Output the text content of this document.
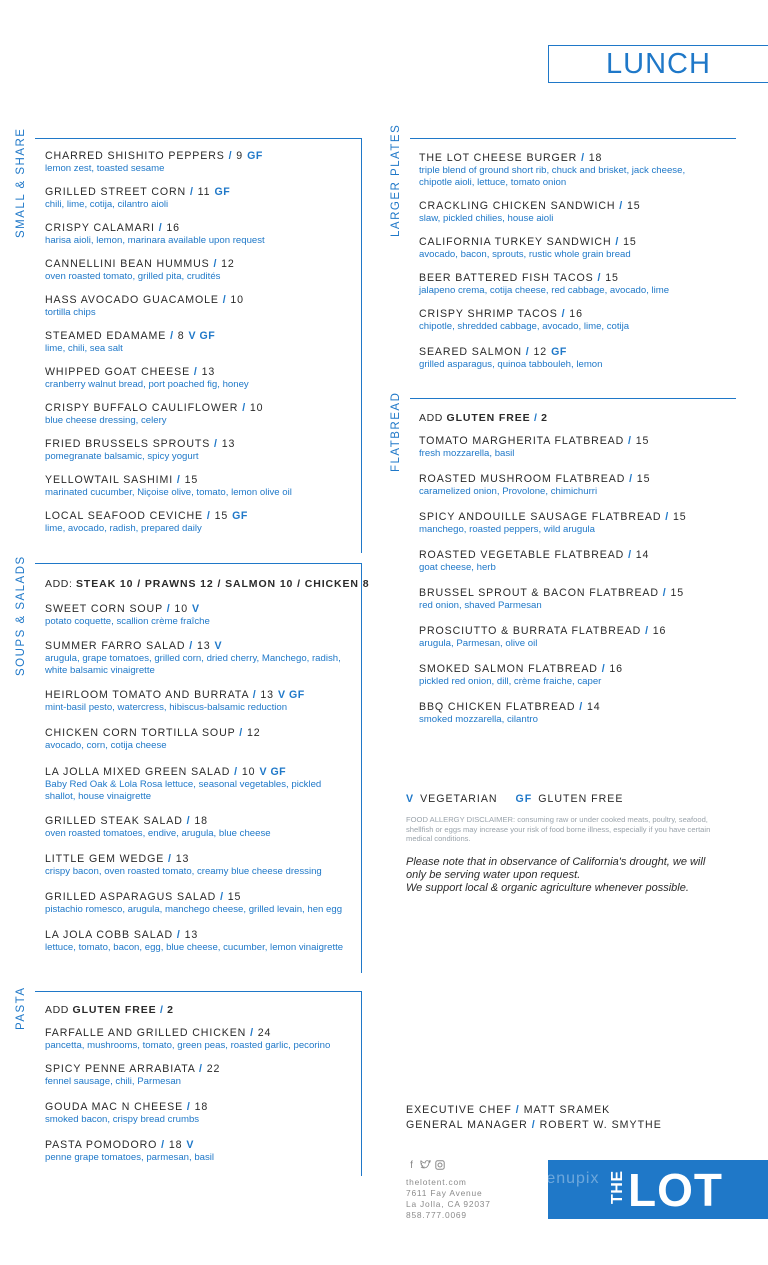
LUNCH
SMALL & SHARE CHARRED SHISHITO PEPPERS / 9 GF
lemon zest, toasted sesame
GRILLED STREET CORN / 11 GF
chili, lime, cotija, cilantro aioli
CRISPY CALAMARI / 16
harisa aioli, lemon, marinara available upon request
CANNELLINI BEAN HUMMUS / 12
oven roasted tomato, grilled pita, crudités
HASS AVOCADO GUACAMOLE / 10
tortilla chips
STEAMED EDAMAME / 8 V GF
lime, chili, sea salt
WHIPPED GOAT CHEESE / 13
cranberry walnut bread, port poached fig, honey
CRISPY BUFFALO CAULIFLOWER / 10
blue cheese dressing, celery
FRIED BRUSSELS SPROUTS / 13
pomegranate balsamic, spicy yogurt
YELLOWTAIL SASHIMI / 15
marinated cucumber, Niçoise olive, tomato, lemon olive oil
LOCAL SEAFOOD CEVICHE / 15 GF
lime, avocado, radish, prepared daily
SOUPS & SALADS ADD: STEAK 10 / PRAWNS 12 / SALMON 10 / CHICKEN 8
SWEET CORN SOUP / 10 V
potato coquette, scallion crème fraîche
SUMMER FARRO SALAD / 13 V
arugula, grape tomatoes, grilled corn, dried cherry, Manchego, radish,
white balsamic vinaigrette
HEIRLOOM TOMATO AND BURRATA / 13 V GF
mint-basil pesto, watercress, hibiscus-balsamic reduction
CHICKEN CORN TORTILLA SOUP / 12
avocado, corn, cotija cheese
LA JOLLA MIXED GREEN SALAD / 10 V GF
Baby Red Oak & Lola Rosa lettuce, seasonal vegetables, pickled
shallot, house vinaigrette
GRILLED STEAK SALAD / 18
oven roasted tomatoes, endive, arugula, blue cheese
LITTLE GEM WEDGE / 13
crispy bacon, oven roasted tomato, creamy blue cheese dressing
GRILLED ASPARAGUS SALAD / 15
pistachio romesco, arugula, manchego cheese, grilled levain, hen egg
LA JOLA COBB SALAD / 13
lettuce, tomato, bacon, egg, blue cheese, cucumber, lemon vinaigrette
PASTA ADD GLUTEN FREE / 2
FARFALLE AND GRILLED CHICKEN / 24
pancetta, mushrooms, tomato, green peas, roasted garlic, pecorino
SPICY PENNE ARRABIATA / 22
fennel sausage, chili, Parmesan
GOUDA MAC N CHEESE / 18
smoked bacon, crispy bread crumbs
PASTA POMODORO / 18 V
penne grape tomatoes, parmesan, basil
LARGER PLATES THE LOT CHEESE BURGER / 18
triple blend of ground short rib, chuck and brisket, jack cheese,
chipotle aioli, lettuce, tomato onion
CRACKLING CHICKEN SANDWICH / 15
slaw, pickled chilies, house aioli
CALIFORNIA TURKEY SANDWICH / 15
avocado, bacon, sprouts, rustic whole grain bread
BEER BATTERED FISH TACOS / 15
jalapeno crema, cotija cheese, red cabbage, avocado, lime
CRISPY SHRIMP TACOS / 16
chipotle, shredded cabbage, avocado, lime, cotija
SEARED SALMON / 12 GF
grilled asparagus, quinoa tabbouleh, lemon
FLATBREAD ADD GLUTEN FREE / 2
TOMATO MARGHERITA FLATBREAD / 15
fresh mozzarella, basil
ROASTED MUSHROOM FLATBREAD / 15
caramelized onion, Provolone, chimichurri
SPICY ANDOUILLE SAUSAGE FLATBREAD / 15
manchego, roasted peppers, wild arugula
ROASTED VEGETABLE FLATBREAD / 14
goat cheese, herb
BRUSSEL SPROUT & BACON FLATBREAD / 15
red onion, shaved Parmesan
PROSCIUTTO & BURRATA FLATBREAD / 16
arugula, Parmesan, olive oil
SMOKED SALMON FLATBREAD / 16
pickled red onion, dill, crème fraiche, caper
BBQ CHICKEN FLATBREAD / 14
smoked mozzarella, cilantro
V VEGETARIAN GF GLUTEN FREE
FOOD ALLERGY DISCLAIMER: consuming raw or under cooked meats, poultry, seafood, shellfish or eggs may increase your risk of food borne illness, especially if you have certain medical conditions.
Please note that in observance of California's drought, we will
only be serving water upon request.
We support local & organic agriculture whenever possible.
EXECUTIVE CHEF / MATT SRAMEK
GENERAL MANAGER / ROBERT W. SMYTHE
f
thelotent.com
7611 Fay Avenue
La Jolla, CA 92037
858.777.0069
THE LOT
menupix
